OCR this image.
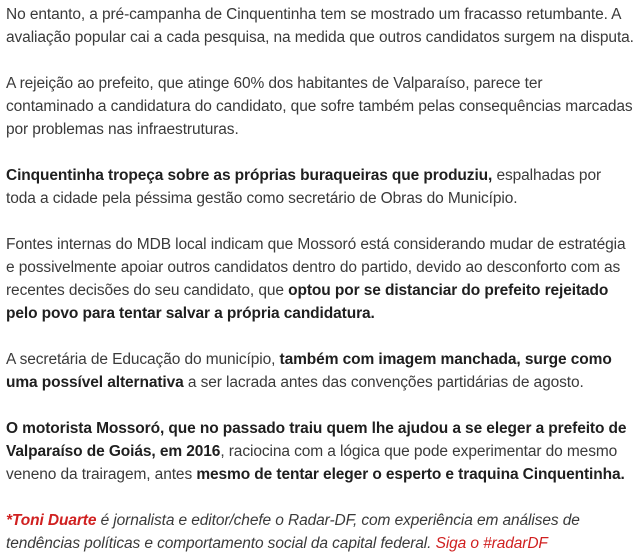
No entanto, a pré-campanha de Cinquentinha tem se mostrado um fracasso retumbante. A avaliação popular cai a cada pesquisa, na medida que outros candidatos surgem na disputa.

A rejeição ao prefeito, que atinge 60% dos habitantes de Valparaíso, parece ter contaminado a candidatura do candidato, que sofre também pelas consequências marcadas por problemas nas infraestruturas.

Cinquentinha tropeça sobre as próprias buraqueiras que produziu, espalhadas por toda a cidade pela péssima gestão como secretário de Obras do Município.

Fontes internas do MDB local indicam que Mossoró está considerando mudar de estratégia e possivelmente apoiar outros candidatos dentro do partido, devido ao desconforto com as recentes decisões do seu candidato, que optou por se distanciar do prefeito rejeitado pelo povo para tentar salvar a própria candidatura.

A secretária de Educação do município, também com imagem manchada, surge como uma possível alternativa a ser lacrada antes das convenções partidárias de agosto.

O motorista Mossoró, que no passado traiu quem lhe ajudou a se eleger a prefeito de Valparaíso de Goiás, em 2016, raciocina com a lógica que pode experimentar do mesmo veneno da trairagem, antes mesmo de tentar eleger o esperto e traquina Cinquentinha.

*Toni Duarte é jornalista e editor/chefe o Radar-DF, com experiência em análises de tendências políticas e comportamento social da capital federal. Siga o #radarDF
